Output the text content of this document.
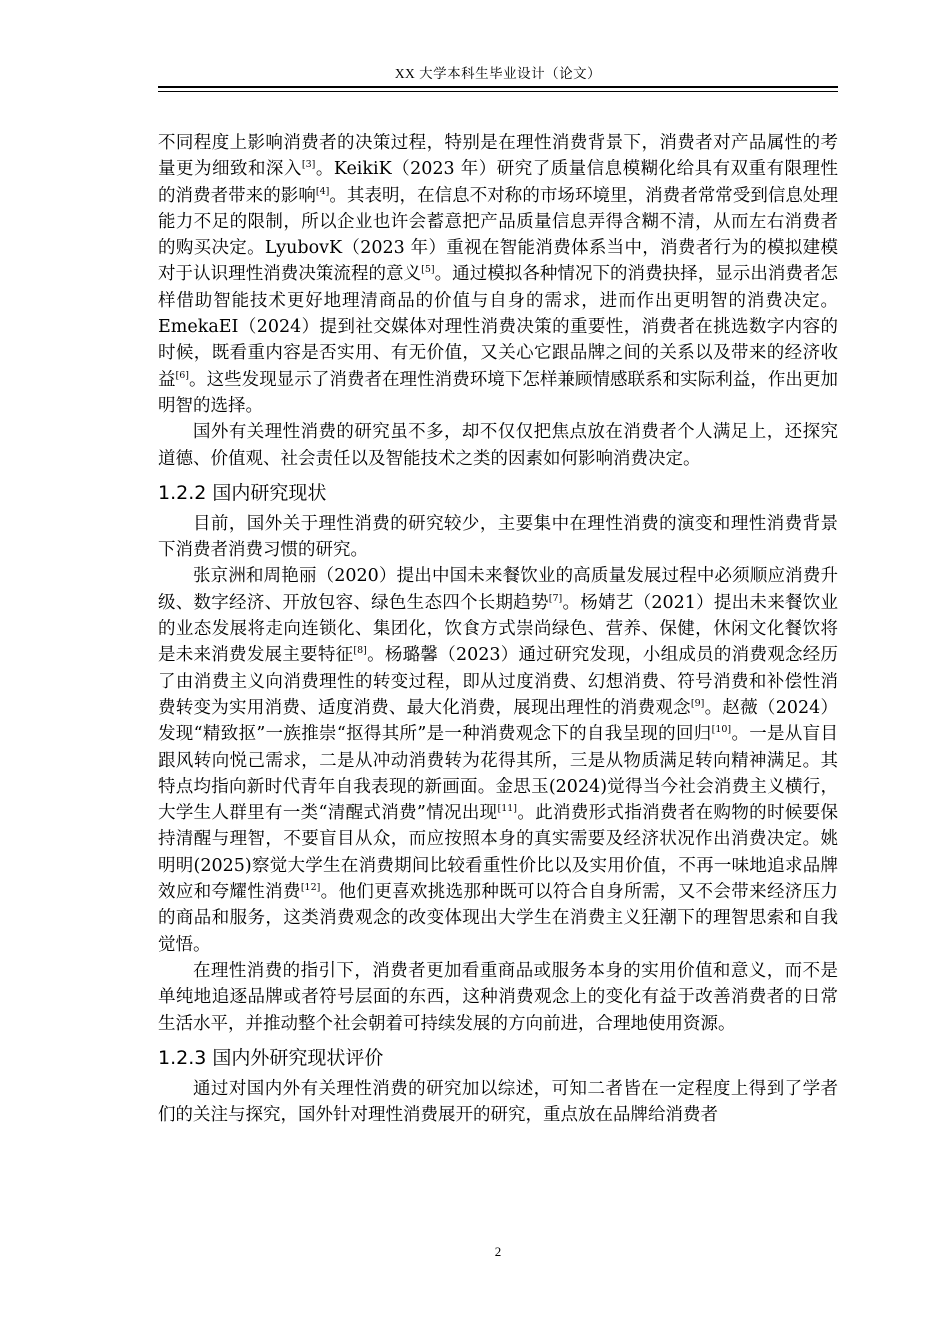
XX 大学本科生毕业设计（论文）

不同程度上影响消费者的决策过程，特别是在理性消费背景下，消费者对产品属性的考量更为细致和深入[3]。KeikiK（2023 年）研究了质量信息模糊化给具有双重有限理性的消费者带来的影响[4]。其表明，在信息不对称的市场环境里，消费者常常受到信息处理能力不足的限制，所以企业也许会蓄意把产品质量信息弄得含糊不清，从而左右消费者的购买决定。LyubovK（2023 年）重视在智能消费体系当中，消费者行为的模拟建模对于认识理性消费决策流程的意义[5]。通过模拟各种情况下的消费抉择，显示出消费者怎样借助智能技术更好地理清商品的价值与自身的需求，进而作出更明智的消费决定。EmekaEI（2024）提到社交媒体对理性消费决策的重要性，消费者在挑选数字内容的时候，既看重内容是否实用、有无价值，又关心它跟品牌之间的关系以及带来的经济收益[6]。这些发现显示了消费者在理性消费环境下怎样兼顾情感联系和实际利益，作出更加明智的选择。

国外有关理性消费的研究虽不多，却不仅仅把焦点放在消费者个人满足上，还探究道德、价值观、社会责任以及智能技术之类的因素如何影响消费决定。

1.2.2 国内研究现状

目前，国外关于理性消费的研究较少，主要集中在理性消费的演变和理性消费背景下消费者消费习惯的研究。

张京洲和周艳丽（2020）提出中国未来餐饮业的高质量发展过程中必须顺应消费升级、数字经济、开放包容、绿色生态四个长期趋势[7]。杨婧艺（2021）提出未来餐饮业的业态发展将走向连锁化、集团化，饮食方式崇尚绿色、营养、保健，休闲文化餐饮将是未来消费发展主要特征[8]。杨璐馨（2023）通过研究发现，小组成员的消费观念经历了由消费主义向消费理性的转变过程，即从过度消费、幻想消费、符号消费和补偿性消费转变为实用消费、适度消费、最大化消费，展现出理性的消费观念[9]。赵薇（2024）发现“精致抠”一族推崇“抠得其所”是一种消费观念下的自我呈现的回归[10]。一是从盲目跟风转向悦己需求，二是从冲动消费转为花得其所，三是从物质满足转向精神满足。其特点均指向新时代青年自我表现的新画面。金思玉(2024)觉得当今社会消费主义横行，大学生人群里有一类“清醒式消费”情况出现[11]。此消费形式指消费者在购物的时候要保持清醒与理智，不要盲目从众，而应按照本身的真实需要及经济状况作出消费决定。姚明明(2025)察觉大学生在消费期间比较看重性价比以及实用价值，不再一味地追求品牌效应和夸耀性消费[12]。他们更喜欢挑选那种既可以符合自身所需，又不会带来经济压力的商品和服务，这类消费观念的改变体现出大学生在消费主义狂潮下的理智思索和自我觉悟。

在理性消费的指引下，消费者更加看重商品或服务本身的实用价值和意义，而不是单纯地追逐品牌或者符号层面的东西，这种消费观念上的变化有益于改善消费者的日常生活水平，并推动整个社会朝着可持续发展的方向前进，合理地使用资源。

1.2.3 国内外研究现状评价

通过对国内外有关理性消费的研究加以综述，可知二者皆在一定程度上得到了学者们的关注与探究，国外针对理性消费展开的研究，重点放在品牌给消费者

2
